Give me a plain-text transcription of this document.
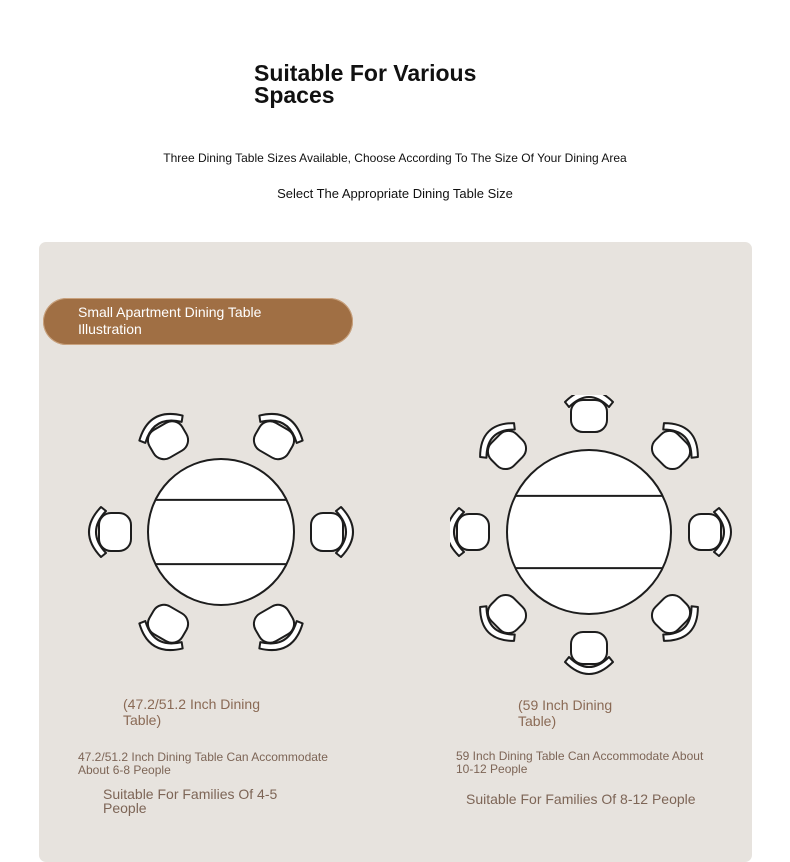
Suitable For Various Spaces
Three Dining Table Sizes Available, Choose According To The Size Of Your Dining Area
Select The Appropriate Dining Table Size
Small Apartment Dining Table Illustration
(47.2/51.2 Inch Dining Table)
47.2/51.2 Inch Dining Table Can Accommodate About 6-8 People
Suitable For Families Of 4-5 People
(59 Inch Dining Table)
59 Inch Dining Table Can Accommodate About 10-12 People
Suitable For Families Of 8-12 People
